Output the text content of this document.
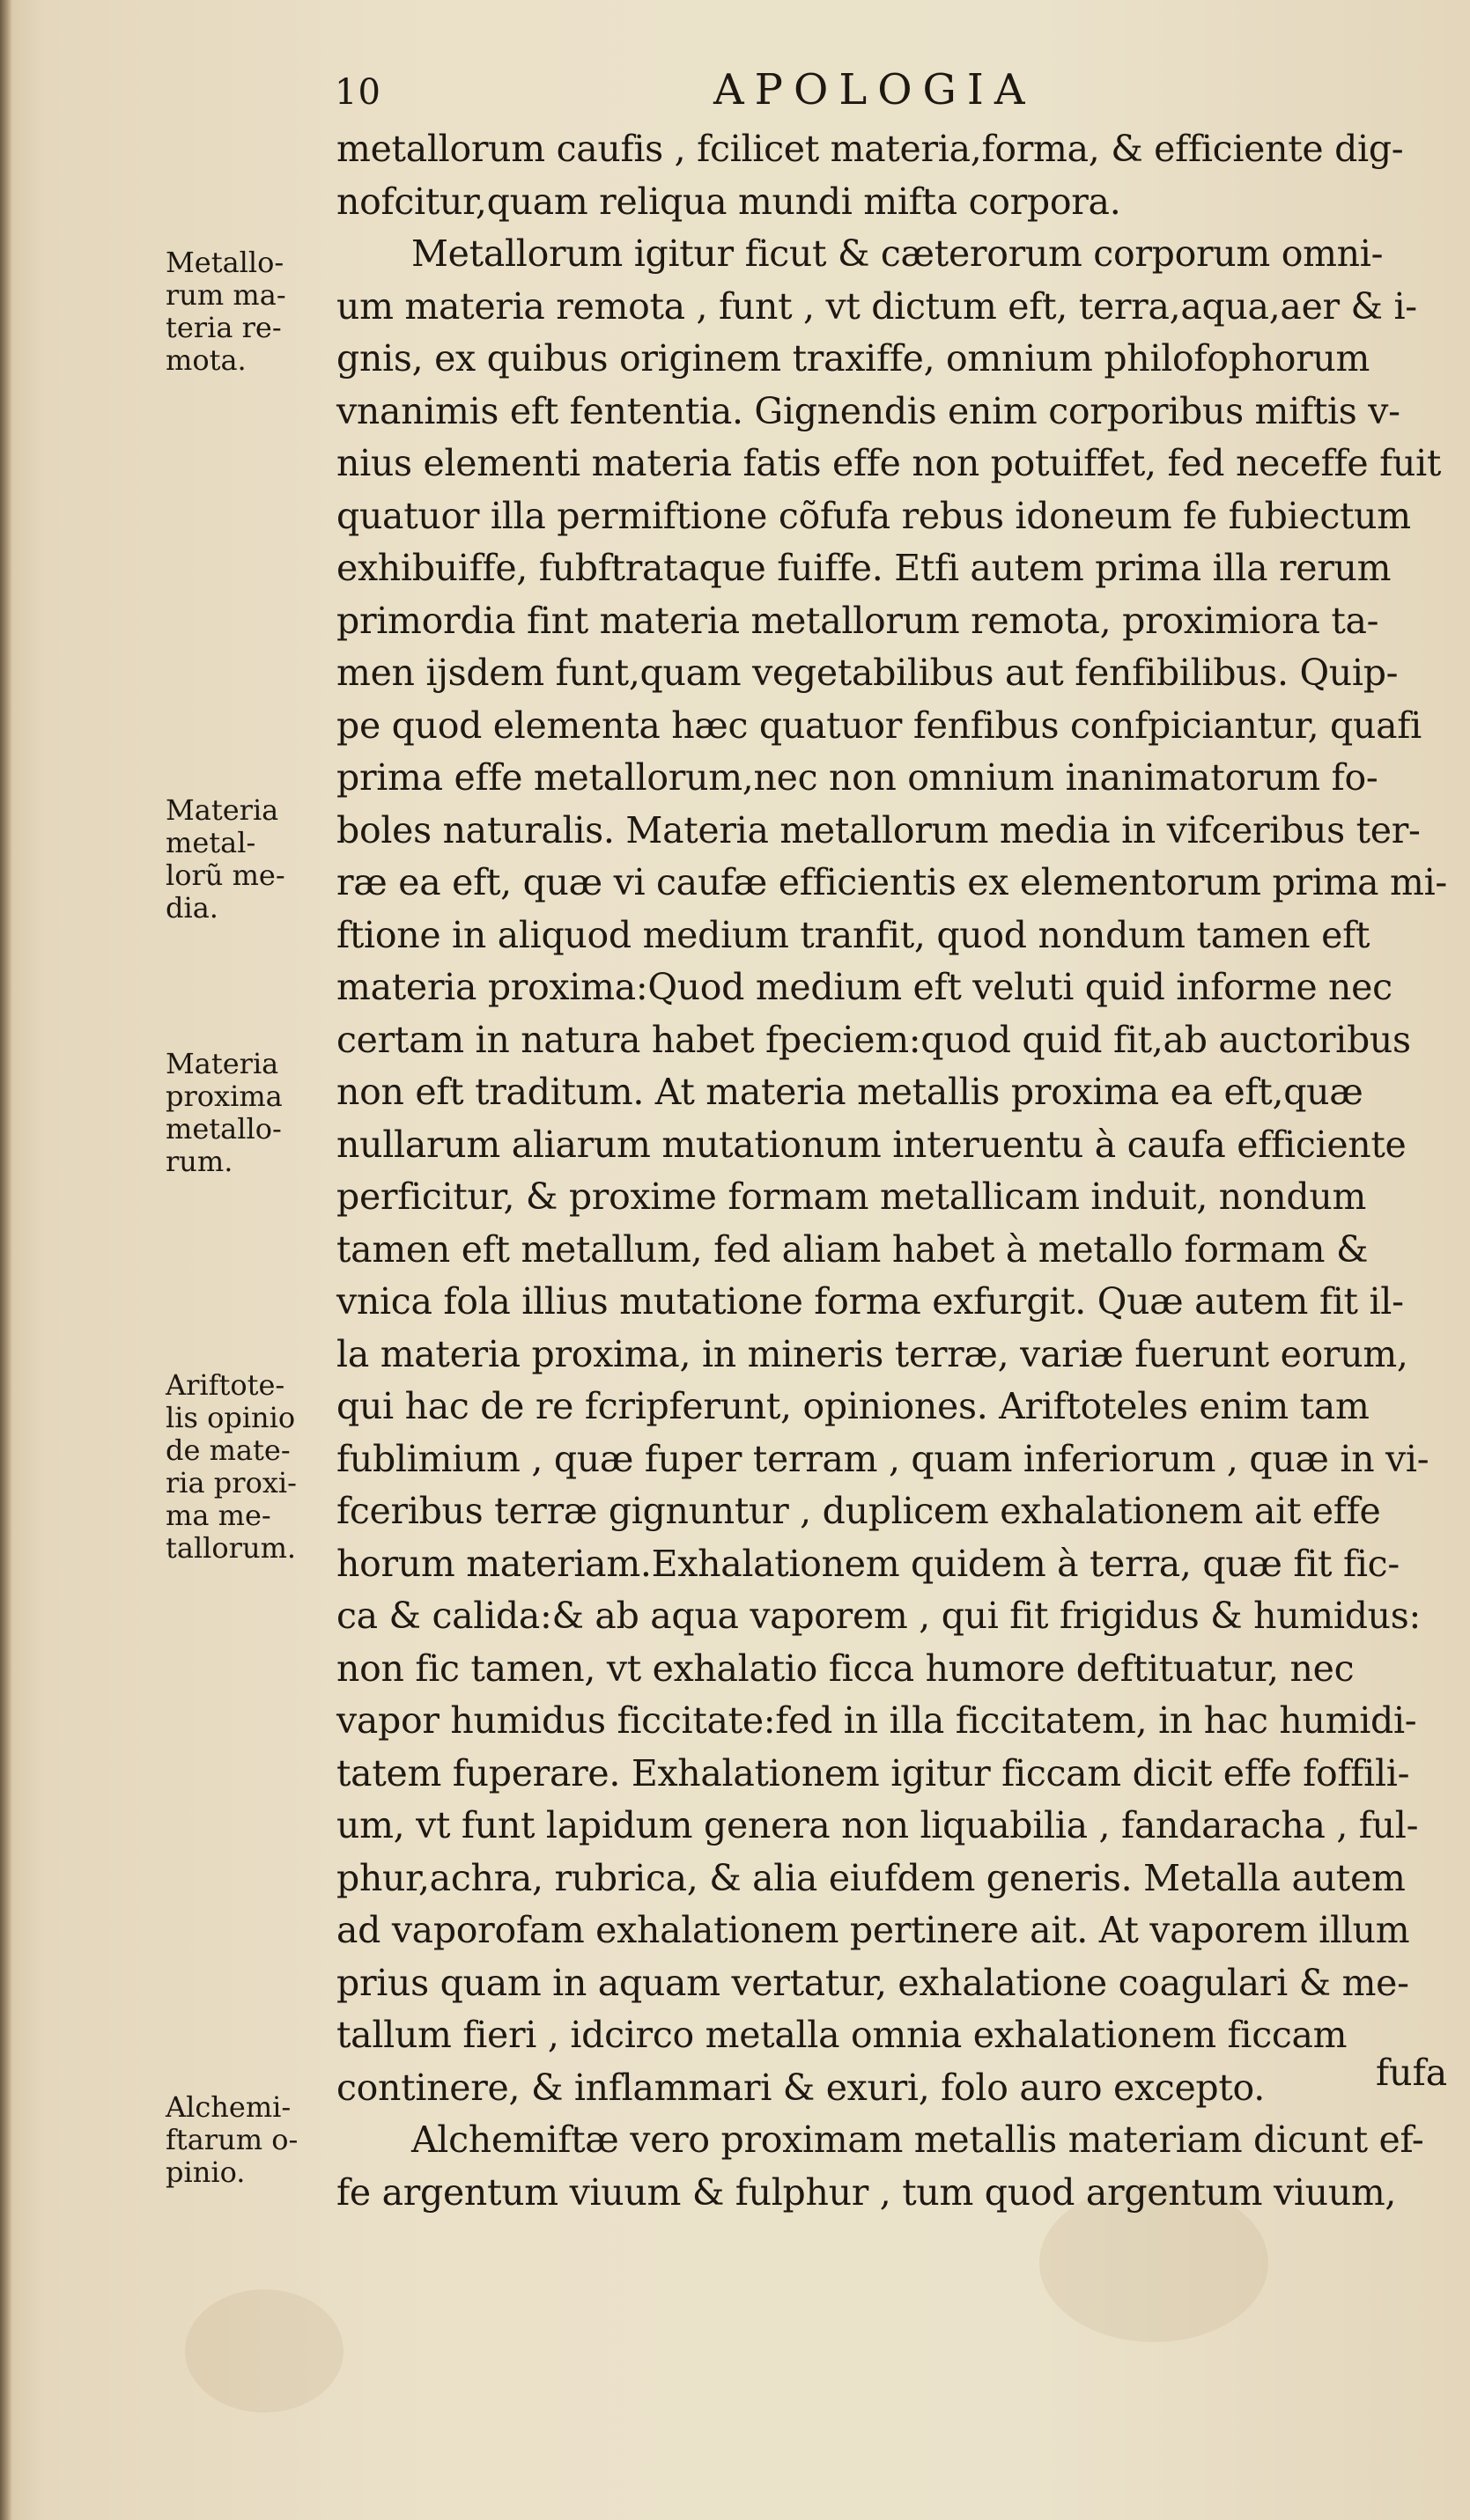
10	APOLOGIA
Metallo-
rum ma-
teria re-
mota.
Materia
metal-
lorũ me-
dia.
Materia
proxima
metallo-
rum.
Ariftote-
lis opinio
de mate-
ria proxi-
ma me-
tallorum.
Alchemi-
ftarum o-
pinio.
metallorum caufis , fcilicet materia,forma, & efficiente dig-
nofcitur,quam reliqua mundi mifta corpora.
Metallorum igitur ficut & cæterorum corporum omni-
um materia remota , funt , vt dictum eft, terra,aqua,aer & i-
gnis, ex quibus originem traxiffe, omnium philofophorum
vnanimis eft fententia. Gignendis enim corporibus miftis v-
nius elementi materia fatis effe non potuiffet, fed neceffe fuit
quatuor illa permiftione cõfufa rebus idoneum fe fubiectum
exhibuiffe, fubftrataque fuiffe. Etfi autem prima illa rerum
primordia fint materia metallorum remota, proximiora ta-
men ijsdem funt,quam vegetabilibus aut fenfibilibus. Quip-
pe quod elementa hæc quatuor fenfibus confpiciantur, quafi
prima effe metallorum,nec non omnium inanimatorum fo-
boles naturalis. Materia metallorum media in vifceribus ter-
ræ ea eft, quæ vi caufæ efficientis ex elementorum prima mi-
ftione in aliquod medium tranfit, quod nondum tamen eft
materia proxima:Quod medium eft veluti quid informe nec
certam in natura habet fpeciem:quod quid fit,ab auctoribus
non eft traditum. At materia metallis proxima ea eft,quæ
nullarum aliarum mutationum interuentu à caufa efficiente
perficitur, & proxime formam metallicam induit, nondum
tamen eft metallum, fed aliam habet à metallo formam &
vnica fola illius mutatione forma exfurgit. Quæ autem fit il-
la materia proxima, in mineris terræ, variæ fuerunt eorum,
qui hac de re fcripferunt, opiniones. Ariftoteles enim tam
fublimium , quæ fuper terram , quam inferiorum , quæ in vi-
fceribus terræ gignuntur , duplicem exhalationem ait effe
horum materiam.Exhalationem quidem à terra, quæ fit fic-
ca & calida:& ab aqua vaporem , qui fit frigidus & humidus:
non fic tamen, vt exhalatio ficca humore deftituatur, nec
vapor humidus ficcitate:fed in illa ficcitatem, in hac humidi-
tatem fuperare. Exhalationem igitur ficcam dicit effe foffili-
um, vt funt lapidum genera non liquabilia , fandaracha , ful-
phur,achra, rubrica, & alia eiufdem generis. Metalla autem
ad vaporofam exhalationem pertinere ait. At vaporem illum
prius quam in aquam vertatur, exhalatione coagulari & me-
tallum fieri , idcirco metalla omnia exhalationem ficcam
continere, & inflammari & exuri, folo auro excepto.
Alchemiftæ vero proximam metallis materiam dicunt ef-
fe argentum viuum & fulphur , tum quod argentum viuum,
fufa
